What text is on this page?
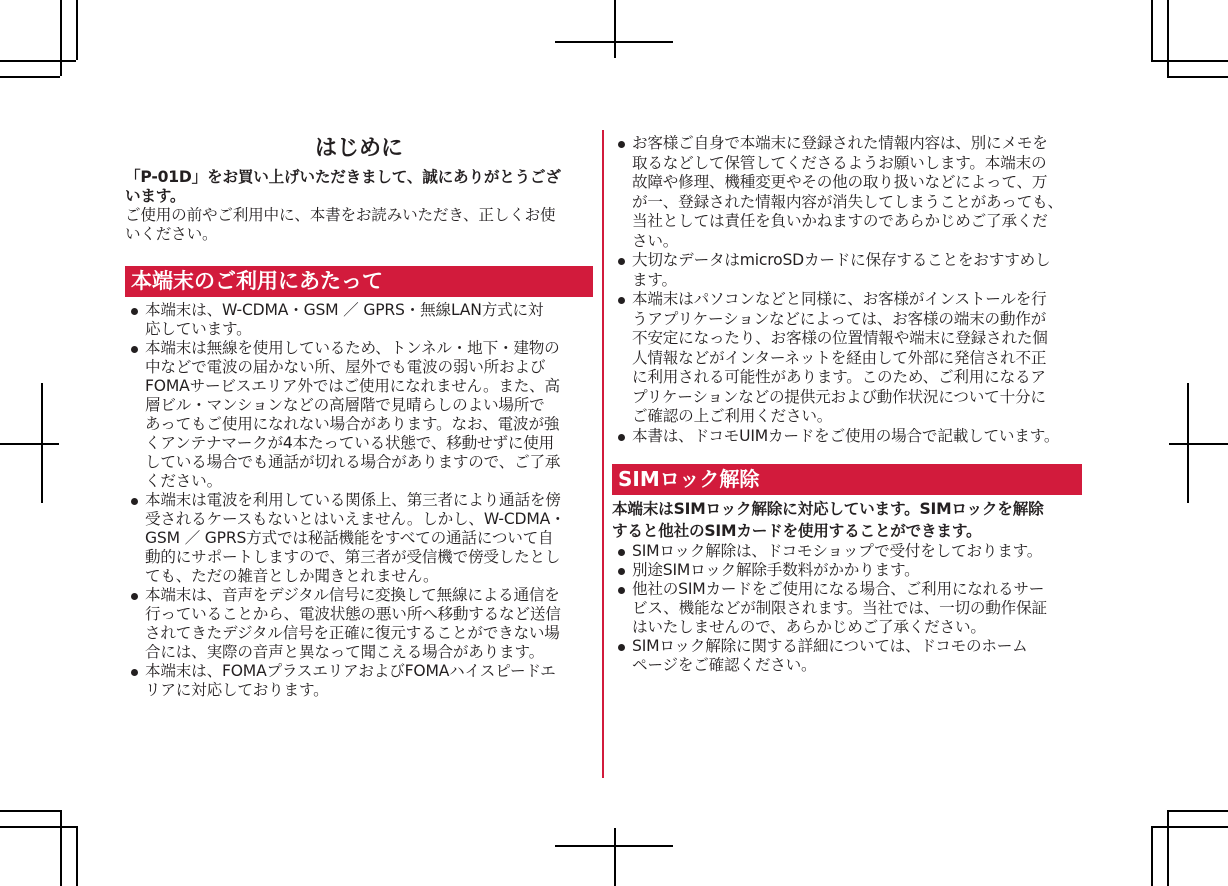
はじめに
「P-01D」をお買い上げいただきまして、誠にありがとうござ
います。
ご使用の前やご利用中に、本書をお読みいただき、正しくお使
いください。
本端末のご利用にあたって
本端末は、W-CDMA・GSM ／ GPRS・無線LAN方式に対
応しています。
本端末は無線を使用しているため、トンネル・地下・建物の
中などで電波の届かない所、屋外でも電波の弱い所および
FOMAサービスエリア外ではご使用になれません。また、高
層ビル・マンションなどの高層階で見晴らしのよい場所で
あってもご使用になれない場合があります。なお、電波が強
くアンテナマークが4本たっている状態で、移動せずに使用
している場合でも通話が切れる場合がありますので、ご了承
ください。
本端末は電波を利用している関係上、第三者により通話を傍
受されるケースもないとはいえません。しかし、W-CDMA・
GSM ／ GPRS方式では秘話機能をすべての通話について自
動的にサポートしますので、第三者が受信機で傍受したとし
ても、ただの雑音としか聞きとれません。
本端末は、音声をデジタル信号に変換して無線による通信を
行っていることから、電波状態の悪い所へ移動するなど送信
されてきたデジタル信号を正確に復元することができない場
合には、実際の音声と異なって聞こえる場合があります。
本端末は、FOMAプラスエリアおよびFOMAハイスピードエ
リアに対応しております。
お客様ご自身で本端末に登録された情報内容は、別にメモを
取るなどして保管してくださるようお願いします。本端末の
故障や修理、機種変更やその他の取り扱いなどによって、万
が一、登録された情報内容が消失してしまうことがあっても、
当社としては責任を負いかねますのであらかじめご了承くだ
さい。
大切なデータはmicroSDカードに保存することをおすすめし
ます。
本端末はパソコンなどと同様に、お客様がインストールを行
うアプリケーションなどによっては、お客様の端末の動作が
不安定になったり、お客様の位置情報や端末に登録された個
人情報などがインターネットを経由して外部に発信され不正
に利用される可能性があります。このため、ご利用になるア
プリケーションなどの提供元および動作状況について十分に
ご確認の上ご利用ください。
本書は、ドコモUIMカードをご使用の場合で記載しています。
SIMロック解除
本端末はSIMロック解除に対応しています。SIMロックを解除
すると他社のSIMカードを使用することができます。
SIMロック解除は、ドコモショップで受付をしております。
別途SIMロック解除手数料がかかります。
他社のSIMカードをご使用になる場合、ご利用になれるサー
ビス、機能などが制限されます。当社では、一切の動作保証
はいたしませんので、あらかじめご了承ください。
SIMロック解除に関する詳細については、ドコモのホーム
ページをご確認ください。
